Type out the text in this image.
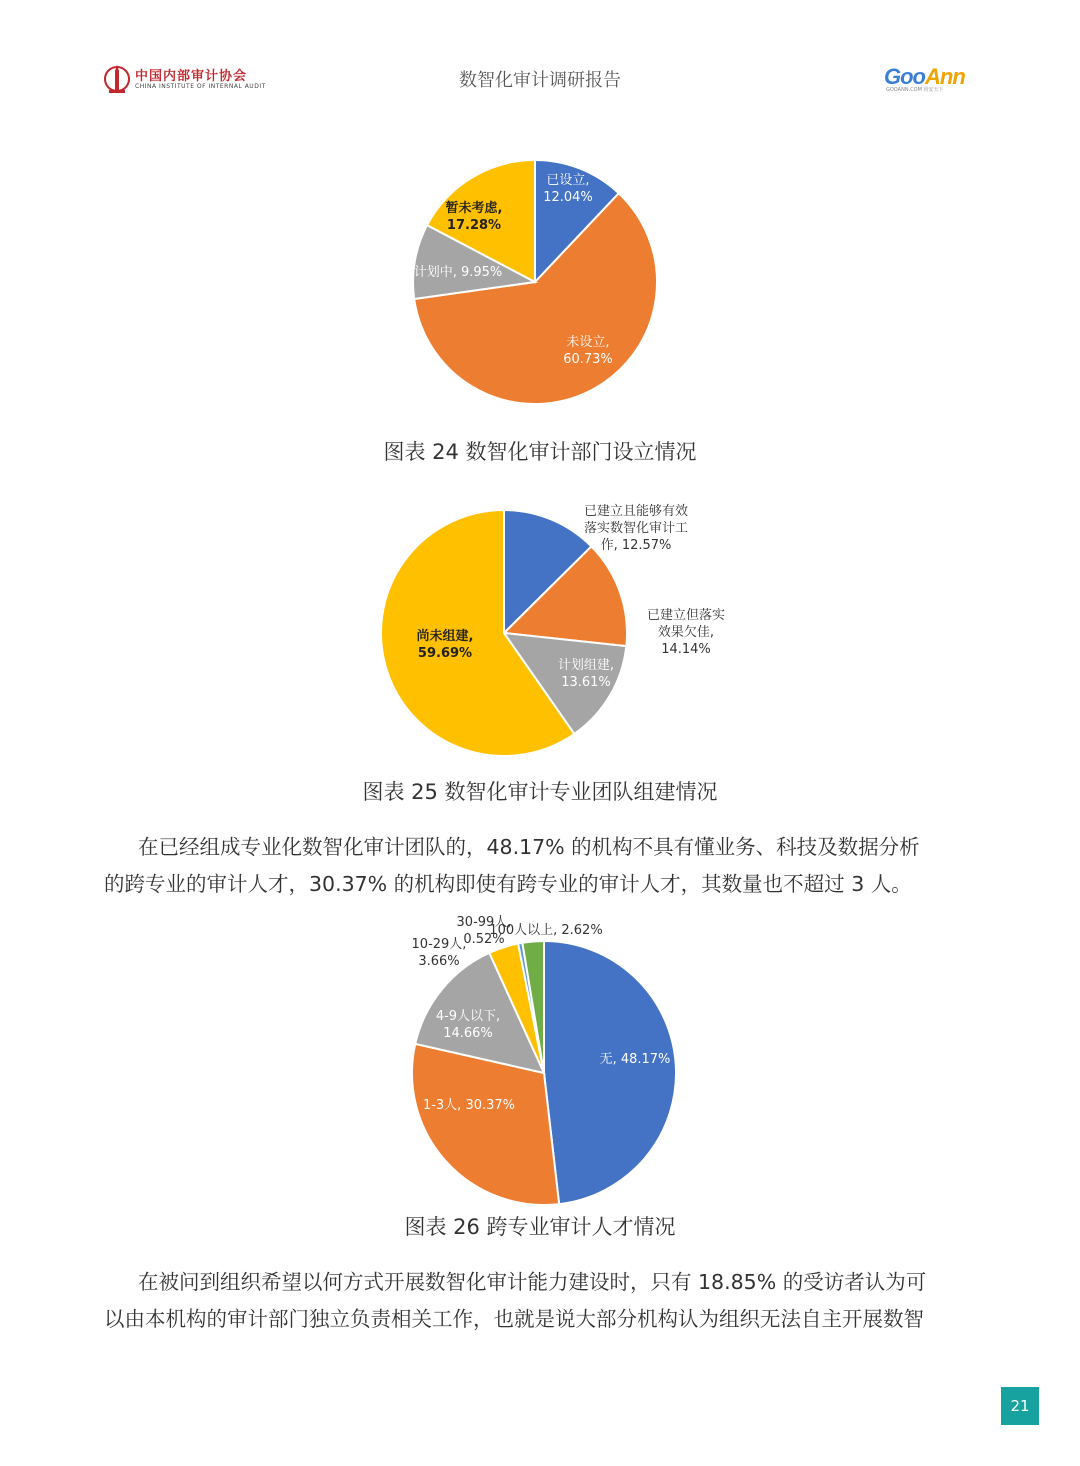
中国内部审计协会
CHINA INSTITUTE OF INTERNAL AUDIT	数智化审计调研报告	GooAnn
GOOANN.COM 荷安天下
已设立, 12.04%
未设立, 60.73%
计划中, 9.95%
暂未考虑, 17.28%
图表 24 数智化审计部门设立情况
已建立且能够有效落实数智化审计工作, 12.57%
已建立但落实效果欠佳, 14.14%
计划组建, 13.61%
尚未组建, 59.69%
图表 25 数智化审计专业团队组建情况

在已经组成专业化数智化审计团队的，48.17% 的机构不具有懂业务、科技及数据分析
的跨专业的审计人才，30.37% 的机构即使有跨专业的审计人才，其数量也不超过 3 人。

无, 48.17%
1-3人, 30.37%
4-9人以下, 14.66%
10-29人, 3.66%
30-99人, 0.52%
100人以上, 2.62%
图表 26 跨专业审计人才情况

在被问到组织希望以何方式开展数智化审计能力建设时，只有 18.85% 的受访者认为可
以由本机构的审计部门独立负责相关工作，也就是说大部分机构认为组织无法自主开展数智

21
